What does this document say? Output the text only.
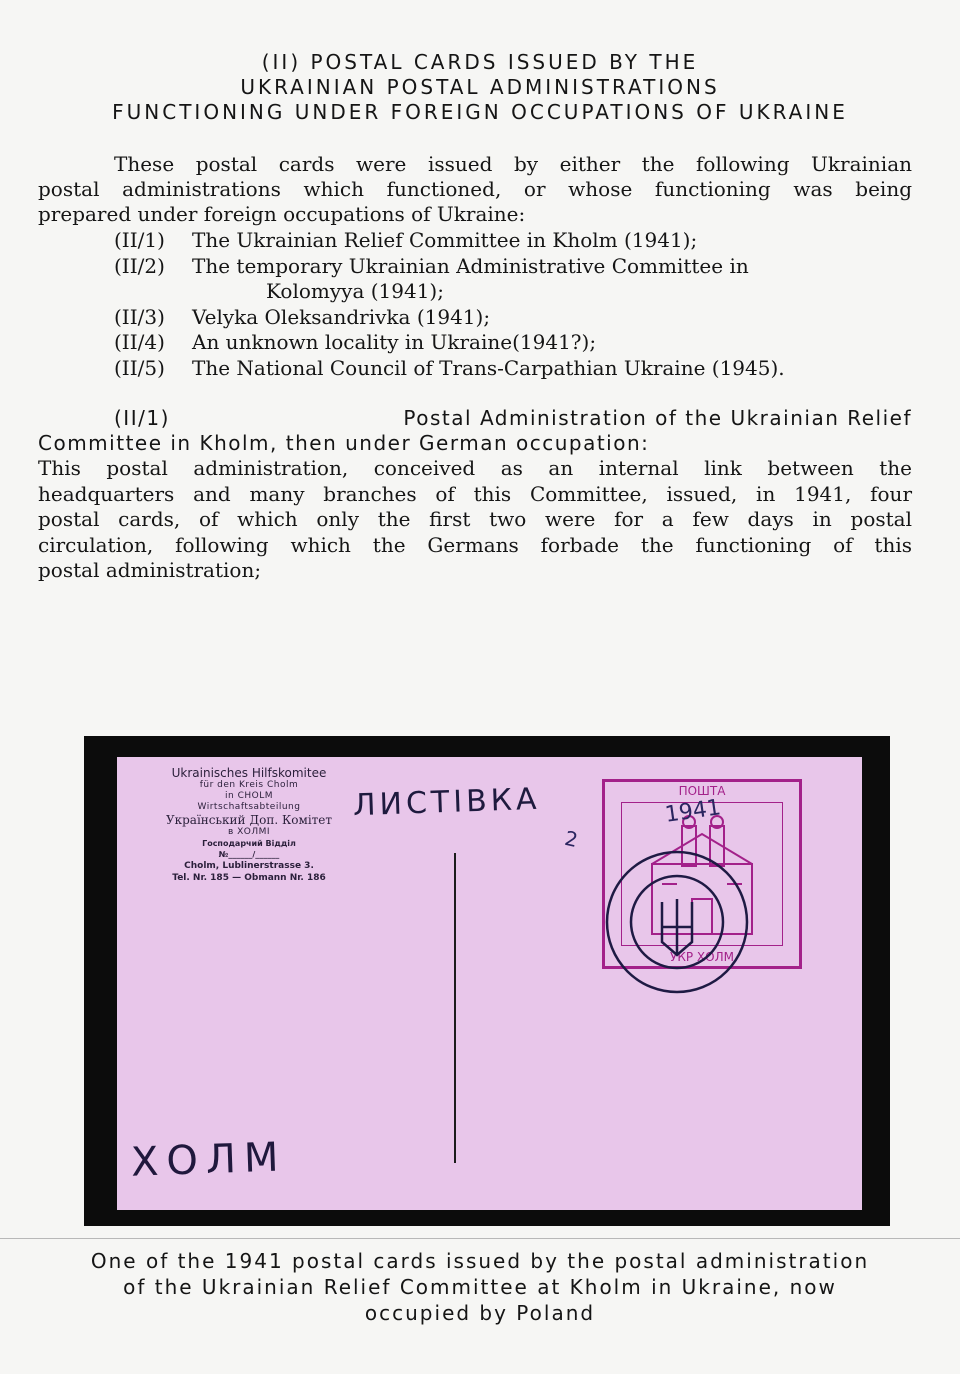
(II) POSTAL CARDS ISSUED BY THE
UKRAINIAN POSTAL ADMINISTRATIONS
FUNCTIONING UNDER FOREIGN OCCUPATIONS OF UKRAINE
These postal cards were issued by either the following Ukrainian
postal administrations which functioned, or whose functioning was being
prepared under foreign occupations of Ukraine:
(II/1)	The Ukrainian Relief Committee in Kholm (1941);
(II/2)	The temporary Ukrainian Administrative Committee in
Kolomyya (1941);
(II/3)	Velyka Oleksandrivka (1941);
(II/4)	An unknown locality in Ukraine(1941?);
(II/5)	The National Council of Trans-Carpathian Ukraine (1945).
(II/1)	Postal Administration of the Ukrainian Relief
Committee in Kholm, then under German occupation:
This postal administration, conceived as an internal link between the
headquarters and many branches of this Committee, issued, in 1941, four
postal cards, of which only the first two were for a few days in postal
circulation, following which the Germans forbade the functioning of this
postal administration;
Ukrainisches Hilfskomitee
für den Kreis Cholm
in CHOLM
Wirtschaftsabteilung
Український Доп. Комітет
в ХОЛМІ
Господарчий Відділ
№______/______
Cholm, Lublinerstrasse 3.
Tel. Nr. 185 — Obmann Nr. 186
ЛИСТІВКА
2
ПОШТА
УКР ХОЛМ
1941
ХОЛМ
One of the 1941 postal cards issued by the postal administration
of the Ukrainian Relief Committee at Kholm in Ukraine, now
occupied by Poland
